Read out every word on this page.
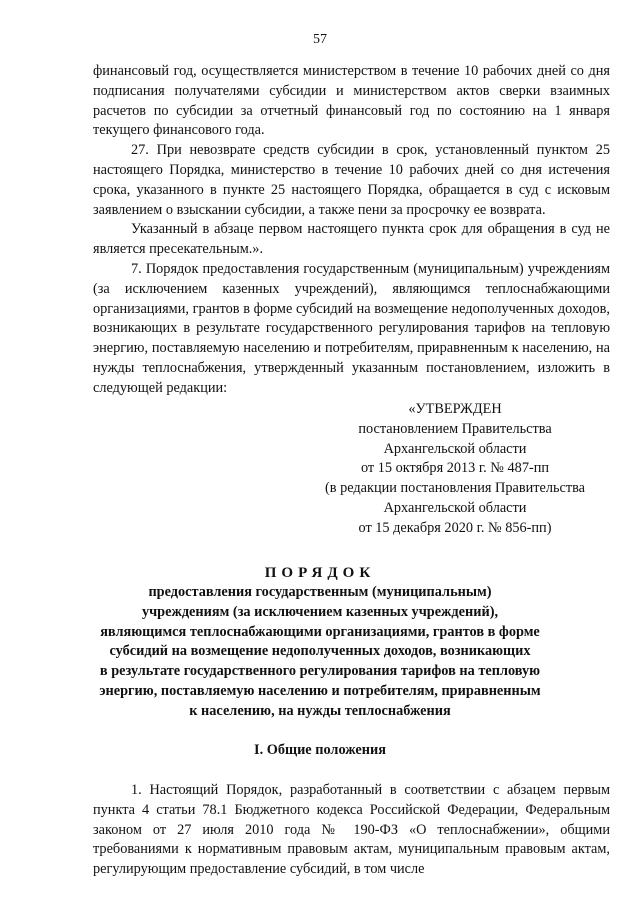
57

финансовый год, осуществляется министерством в течение 10 рабочих дней со дня подписания получателями субсидии и министерством актов сверки взаимных расчетов по субсидии за отчетный финансовый год по состоянию на 1 января текущего финансового года.

27. При невозврате средств субсидии в срок, установленный пунктом 25 настоящего Порядка, министерство в течение 10 рабочих дней со дня истечения срока, указанного в пункте 25 настоящего Порядка, обращается в суд с исковым заявлением о взыскании субсидии, а также пени за просрочку ее возврата.

Указанный в абзаце первом настоящего пункта срок для обращения в суд не является пресекательным.».

7. Порядок предоставления государственным (муниципальным) учреждениям (за исключением казенных учреждений), являющимся теплоснабжающими организациями, грантов в форме субсидий на возмещение недополученных доходов, возникающих в результате государственного регулирования тарифов на тепловую энергию, поставляемую населению и потребителям, приравненным к населению, на нужды теплоснабжения, утвержденный указанным постановлением, изложить в следующей редакции:

«УТВЕРЖДЕН
постановлением Правительства
Архангельской области
от 15 октября 2013 г. № 487-пп
(в редакции постановления Правительства
Архангельской области
от 15 декабря 2020 г. № 856-пп)
ПОРЯДОК
предоставления государственным (муниципальным)
учреждениям (за исключением казенных учреждений),
являющимся теплоснабжающими организациями, грантов в форме
субсидий на возмещение недополученных доходов, возникающих
в результате государственного регулирования тарифов на тепловую
энергию, поставляемую населению и потребителям, приравненным
к населению, на нужды теплоснабжения
I. Общие положения

1. Настоящий Порядок, разработанный в соответствии с абзацем первым пункта 4 статьи 78.1 Бюджетного кодекса Российской Федерации, Федеральным законом от 27 июля 2010 года № 190-ФЗ «О теплоснабжении», общими требованиями к нормативным правовым актам, муниципальным правовым актам, регулирующим предоставление субсидий, в том числе
